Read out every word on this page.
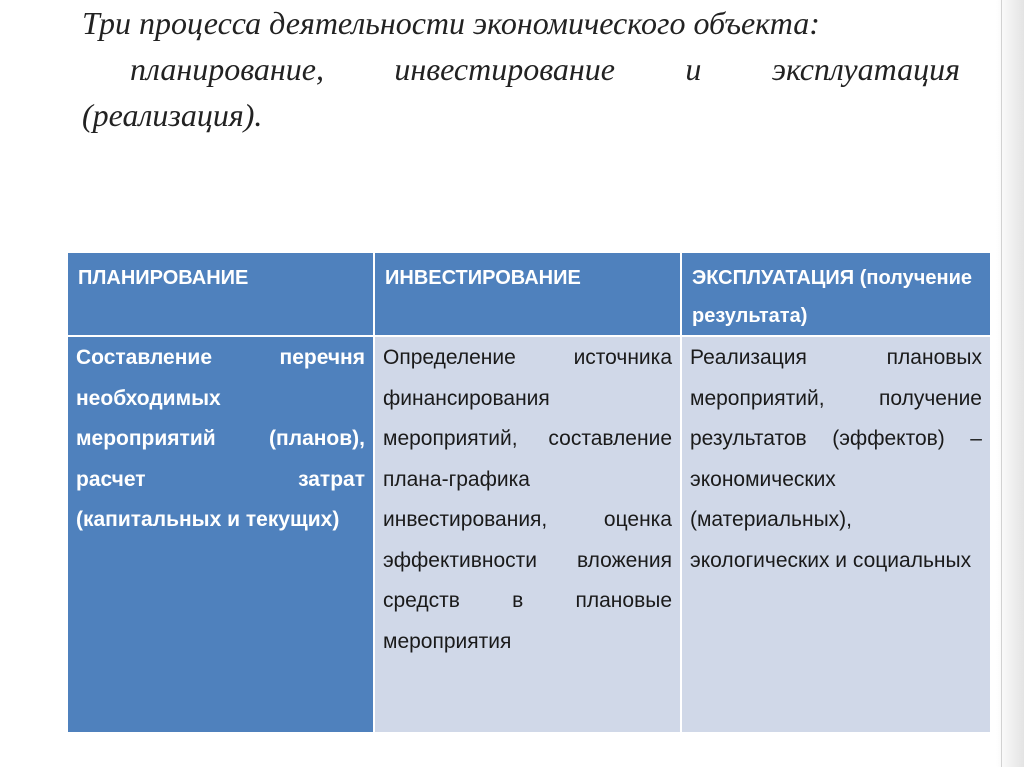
Три процесса деятельности экономического объекта:

планирование, инвестирование и эксплуатация (реализация).

ПЛАНИРОВАНИЕ	ИНВЕСТИРОВАНИЕ	ЭКСПЛУАТАЦИЯ (получение результата)
Составление перечня необходимых мероприятий (планов), расчет затрат (капитальных и текущих)	Определение источника финансирования мероприятий, составление плана-графика инвестирования, оценка эффективности вложения средств в плановые мероприятия	Реализация плановых мероприятий, получение результатов (эффектов) – экономических (материальных), экологических и социальных
